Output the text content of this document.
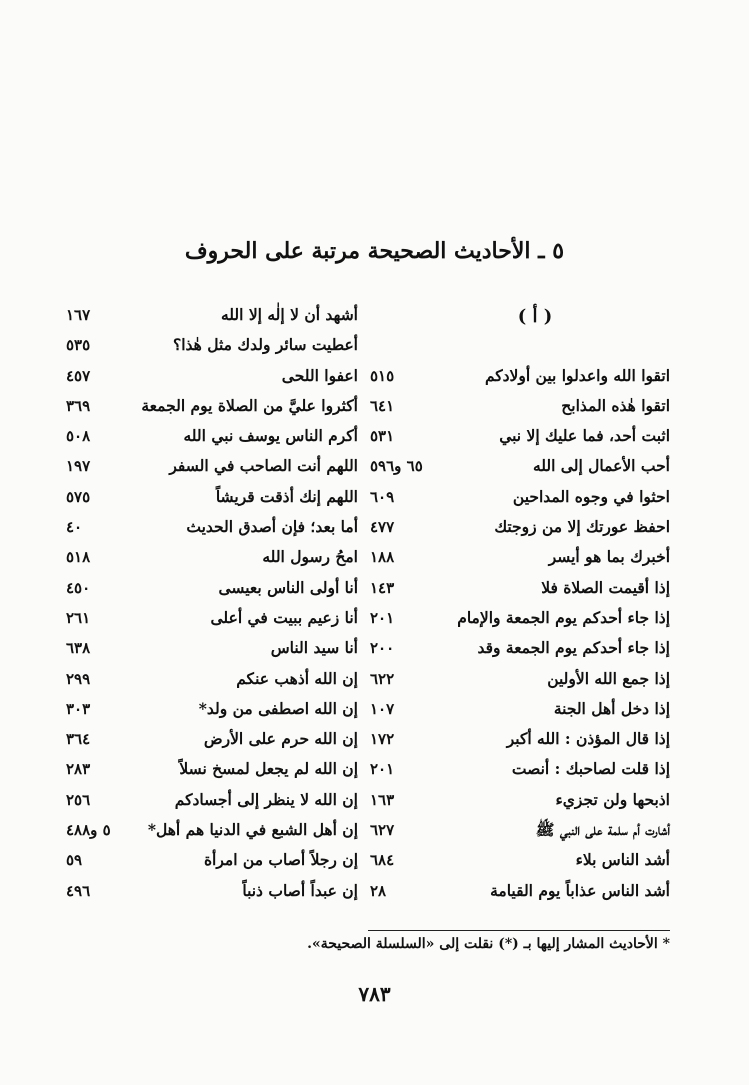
٥ ـ الأحاديث الصحيحة مرتبة على الحروف
( أ )
اتقوا الله واعدلوا بين أولادكم
٥١٥
اتقوا هٰذه المذابح
٦٤١
اثبت أحد، فما عليك إلا نبي
٥٣١
أحب الأعمال إلى الله
٦٥ و٥٩٦
احثوا في وجوه المداحين
٦٠٩
احفظ عورتك إلا من زوجتك
٤٧٧
أخبرك بما هو أيسر
١٨٨
إذا أقيمت الصلاة فلا
١٤٣
إذا جاء أحدكم يوم الجمعة والإمام
٢٠١
إذا جاء أحدكم يوم الجمعة وقد
٢٠٠
إذا جمع الله الأولين
٦٢٢
إذا دخل أهل الجنة
١٠٧
إذا قال المؤذن : الله أكبر
١٧٢
إذا قلت لصاحبك : أنصت
٢٠١
اذبحها ولن تجزيء
١٦٣
أشارت أم سلمة على النبي ﷺ
٦٢٧
أشد الناس بلاء
٦٨٤
أشد الناس عذاباً يوم القيامة
٢٨
أشهد أن لا إلٰه إلا الله
١٦٧
أعطيت سائر ولدك مثل هٰذا؟
٥٣٥
اعفوا اللحى
٤٥٧
أكثروا عليَّ من الصلاة يوم الجمعة
٣٦٩
أكرم الناس يوسف نبي الله
٥٠٨
اللهم أنت الصاحب في السفر
١٩٧
اللهم إنك أذقت قريشاً
٥٧٥
أما بعد؛ فإن أصدق الحديث
٤٠
امحُ رسول الله
٥١٨
أنا أولى الناس بعيسى
٤٥٠
أنا زعيم ببيت في أعلى
٢٦١
أنا سيد الناس
٦٣٨
إن الله أذهب عنكم
٢٩٩
إن الله اصطفى من ولد*
٣٠٣
إن الله حرم على الأرض
٣٦٤
إن الله لم يجعل لمسخ نسلاً
٢٨٣
إن الله لا ينظر إلى أجسادكم
٢٥٦
إن أهل الشبع في الدنيا هم أهل*
٥ و٤٨٨
إن رجلاً أصاب من امرأة
٥٩
إن عبداً أصاب ذنباً
٤٩٦
* الأحاديث المشار إليها بـ (*) نقلت إلى «السلسلة الصحيحة».
٧٨٣
